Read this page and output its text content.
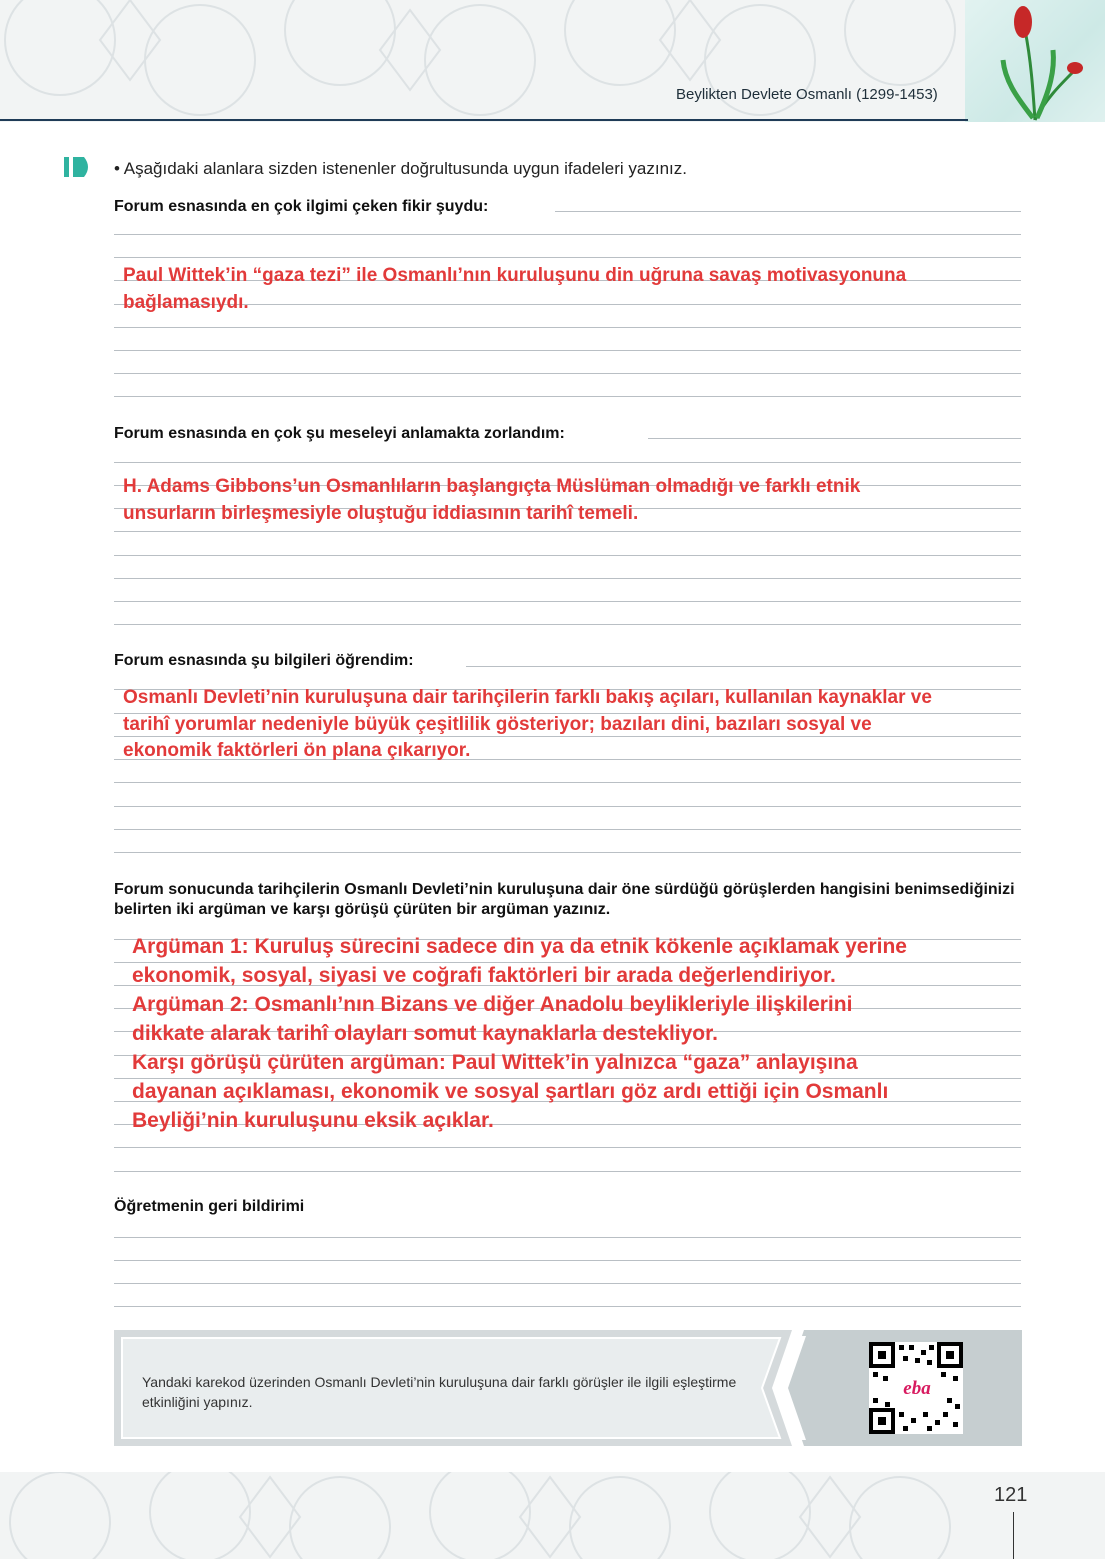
Beylikten Devlete Osmanlı (1299-1453)
• Aşağıdaki alanlara sizden istenenler doğrultusunda uygun ifadeleri yazınız.
Forum esnasında en çok ilgimi çeken fikir şuydu:
Paul Wittek’in “gaza tezi” ile Osmanlı’nın kuruluşunu din uğruna savaş motivasyonuna
bağlamasıydı.
Forum esnasında en çok şu meseleyi anlamakta zorlandım:
H. Adams Gibbons’un Osmanlıların başlangıçta Müslüman olmadığı ve farklı etnik
unsurların birleşmesiyle oluştuğu iddiasının tarihî temeli.
Forum esnasında şu bilgileri öğrendim:
Osmanlı Devleti’nin kuruluşuna dair tarihçilerin farklı bakış açıları, kullanılan kaynaklar ve
tarihî yorumlar nedeniyle büyük çeşitlilik gösteriyor; bazıları dini, bazıları sosyal ve
ekonomik faktörleri ön plana çıkarıyor.
Forum sonucunda tarihçilerin Osmanlı Devleti’nin kuruluşuna dair öne sürdüğü görüşlerden hangisini benimsediğinizi belirten iki argüman ve karşı görüşü çürüten bir argüman yazınız.
Argüman 1: Kuruluş sürecini sadece din ya da etnik kökenle açıklamak yerine
ekonomik, sosyal, siyasi ve coğrafi faktörleri bir arada değerlendiriyor.
Argüman 2: Osmanlı’nın Bizans ve diğer Anadolu beylikleriyle ilişkilerini
dikkate alarak tarihî olayları somut kaynaklarla destekliyor.
Karşı görüşü çürüten argüman: Paul Wittek’in yalnızca “gaza” anlayışına
dayanan açıklaması, ekonomik ve sosyal şartları göz ardı ettiği için Osmanlı
Beyliği’nin kuruluşunu eksik açıklar.
Öğretmenin geri bildirimi
Yandaki karekod üzerinden Osmanlı Devleti’nin kuruluşuna dair farklı görüşler ile ilgili eşleştirme etkinliğini yapınız.
eba
121
